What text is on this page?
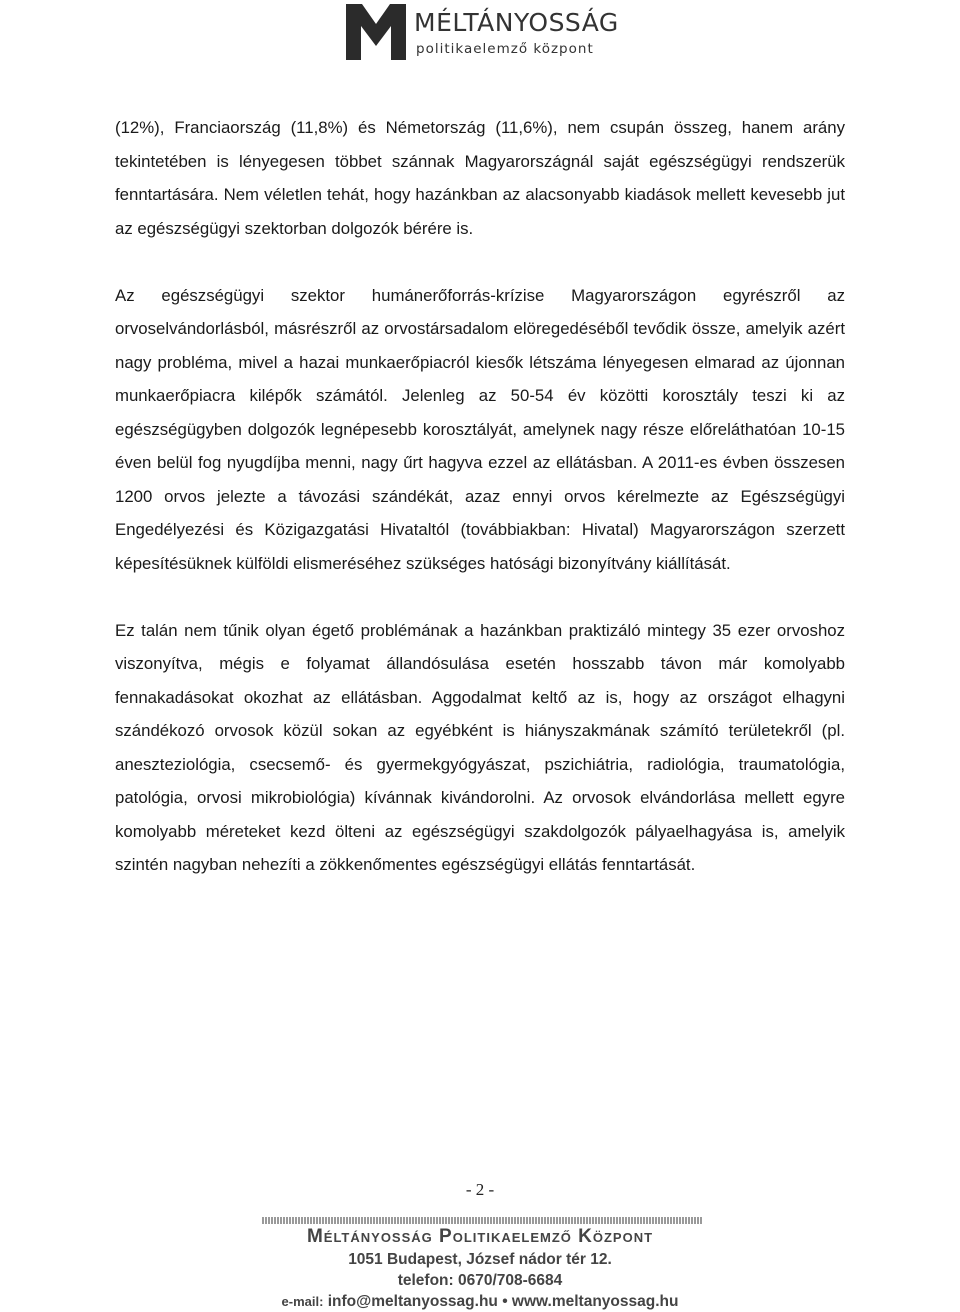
MÉLTÁNYOSSÁG
politikaelemző központ

(12%), Franciaország (11,8%) és Németország (11,6%), nem csupán összeg, hanem arány tekintetében is lényegesen többet szánnak Magyarországnál saját egészségügyi rendszerük fenntartására. Nem véletlen tehát, hogy hazánkban az alacsonyabb kiadások mellett kevesebb jut az egészségügyi szektorban dolgozók bérére is.

Az egészségügyi szektor humánerőforrás-krízise Magyarországon egyrészről az orvoselvándorlásból, másrészről az orvostársadalom elöregedéséből tevődik össze, amelyik azért nagy probléma, mivel a hazai munkaerőpiacról kiesők létszáma lényegesen elmarad az újonnan munkaerőpiacra kilépők számától. Jelenleg az 50-54 év közötti korosztály teszi ki az egészségügyben dolgozók legnépesebb korosztályát, amelynek nagy része előreláthatóan 10-15 éven belül fog nyugdíjba menni, nagy űrt hagyva ezzel az ellátásban. A 2011-es évben összesen 1200 orvos jelezte a távozási szándékát, azaz ennyi orvos kérelmezte az Egészségügyi Engedélyezési és Közigazgatási Hivataltól (továbbiakban: Hivatal) Magyarországon szerzett képesítésüknek külföldi elismeréséhez szükséges hatósági bizonyítvány kiállítását.

Ez talán nem tűnik olyan égető problémának a hazánkban praktizáló mintegy 35 ezer orvoshoz viszonyítva, mégis e folyamat állandósulása esetén hosszabb távon már komolyabb fennakadásokat okozhat az ellátásban. Aggodalmat keltő az is, hogy az országot elhagyni szándékozó orvosok közül sokan az egyébként is hiányszakmának számító területekről (pl. aneszteziológia, csecsemő- és gyermekgyógyászat, pszichiátria, radiológia, traumatológia, patológia, orvosi mikrobiológia) kívánnak kivándorolni. Az orvosok elvándorlása mellett egyre komolyabb méreteket kezd ölteni az egészségügyi szakdolgozók pályaelhagyása is, amelyik szintén nagyban nehezíti a zökkenőmentes egészségügyi ellátás fenntartását.

- 2 -
Méltányosság Politikaelemző Központ
1051 Budapest, József nádor tér 12.
telefon: 0670/708-6684
e-mail: info@meltanyossag.hu • www.meltanyossag.hu
